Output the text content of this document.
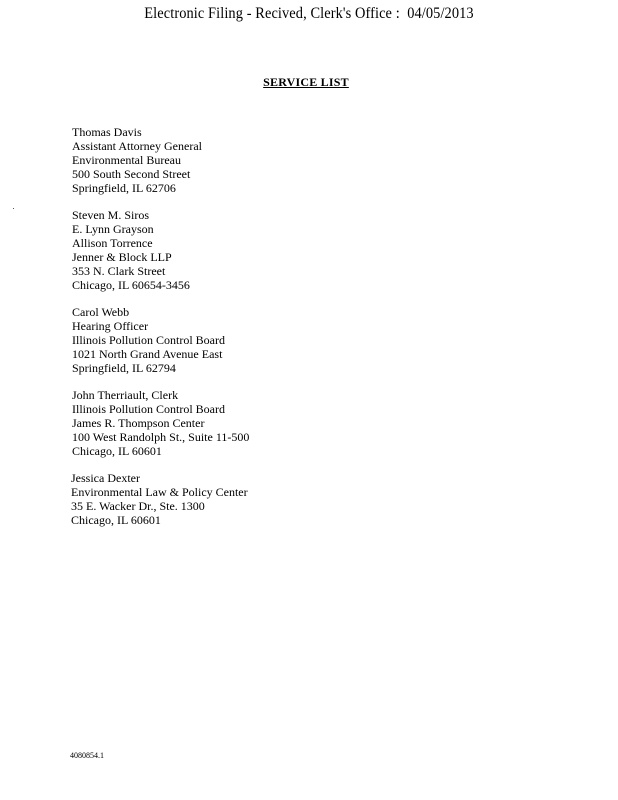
Electronic Filing - Recived, Clerk's Office :  04/05/2013
SERVICE LIST
Thomas Davis
Assistant Attorney General
Environmental Bureau
500 South Second Street
Springfield, IL 62706
Steven M. Siros
E. Lynn Grayson
Allison Torrence
Jenner & Block LLP
353 N. Clark Street
Chicago, IL 60654-3456
Carol Webb
Hearing Officer
Illinois Pollution Control Board
1021 North Grand Avenue East
Springfield, IL 62794
John Therriault, Clerk
Illinois Pollution Control Board
James R. Thompson Center
100 West Randolph St., Suite 11-500
Chicago, IL 60601
Jessica Dexter
Environmental Law & Policy Center
35 E. Wacker Dr., Ste. 1300
Chicago, IL 60601
4080854.1
